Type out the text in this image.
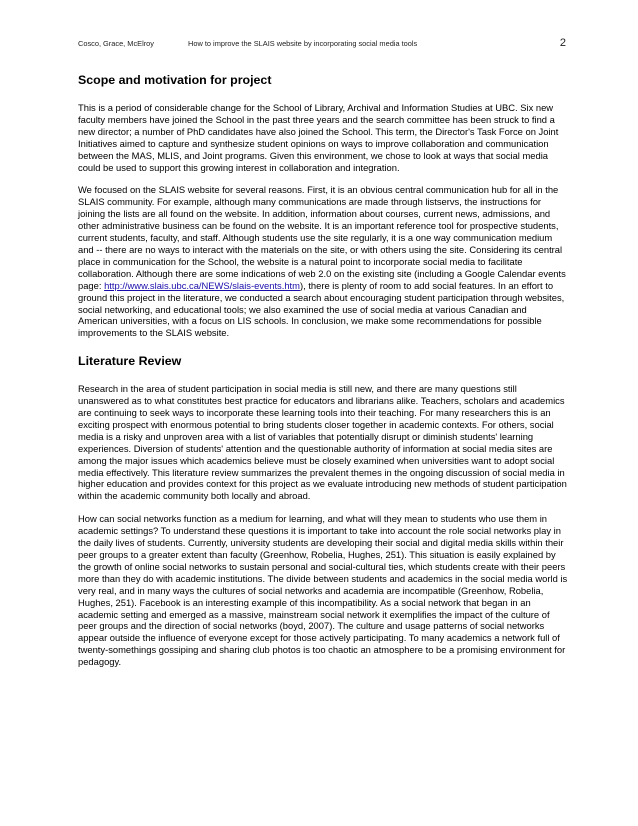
Cosco, Grace, McElroy	How to improve the SLAIS website by incorporating social media tools	2
Scope and motivation for project

This is a period of considerable change for the School of Library, Archival and Information Studies at UBC. Six new faculty members have joined the School in the past three years and the search committee has been struck to find a new director; a number of PhD candidates have also joined the School. This term, the Director's Task Force on Joint Initiatives aimed to capture and synthesize student opinions on ways to improve collaboration and communication between the MAS, MLIS, and Joint programs. Given this environment, we chose to look at ways that social media could be used to support this growing interest in collaboration and integration.

We focused on the SLAIS website for several reasons. First, it is an obvious central communication hub for all in the SLAIS community. For example, although many communications are made through listservs, the instructions for joining the lists are all found on the website. In addition, information about courses, current news, admissions, and other administrative business can be found on the website. It is an important reference tool for prospective students, current students, faculty, and staff. Although students use the site regularly, it is a one way communication medium and -- there are no ways to interact with the materials on the site, or with others using the site. Considering its central place in communication for the School, the website is a natural point to incorporate social media to facilitate collaboration. Although there are some indications of web 2.0 on the existing site (including a Google Calendar events page: http://www.slais.ubc.ca/NEWS/slais-events.htm), there is plenty of room to add social features. In an effort to ground this project in the literature, we conducted a search about encouraging student participation through websites, social networking, and educational tools; we also examined the use of social media at various Canadian and American universities, with a focus on LIS schools. In conclusion, we make some recommendations for possible improvements to the SLAIS website.

Literature Review

Research in the area of student participation in social media is still new, and there are many questions still unanswered as to what constitutes best practice for educators and librarians alike. Teachers, scholars and academics are continuing to seek ways to incorporate these learning tools into their teaching. For many researchers this is an exciting prospect with enormous potential to bring students closer together in academic contexts. For others, social media is a risky and unproven area with a list of variables that potentially disrupt or diminish students' learning experiences. Diversion of students' attention and the questionable authority of information at social media sites are among the major issues which academics believe must be closely examined when universities want to adopt social media effectively. This literature review summarizes the prevalent themes in the ongoing discussion of social media in higher education and provides context for this project as we evaluate introducing new methods of student participation within the academic community both locally and abroad.

How can social networks function as a medium for learning, and what will they mean to students who use them in academic settings? To understand these questions it is important to take into account the role social networks play in the daily lives of students. Currently, university students are developing their social and digital media skills within their peer groups to a greater extent than faculty (Greenhow, Robelia, Hughes, 251). This situation is easily explained by the growth of online social networks to sustain personal and social-cultural ties, which students create with their peers more than they do with academic institutions. The divide between students and academics in the social media world is very real, and in many ways the cultures of social networks and academia are incompatible (Greenhow, Robelia, Hughes, 251). Facebook is an interesting example of this incompatibility. As a social network that began in an academic setting and emerged as a massive, mainstream social network it exemplifies the impact of the culture of peer groups and the direction of social networks (boyd, 2007). The culture and usage patterns of social networks appear outside the influence of everyone except for those actively participating. To many academics a network full of twenty-somethings gossiping and sharing club photos is too chaotic an atmosphere to be a promising environment for pedagogy.
